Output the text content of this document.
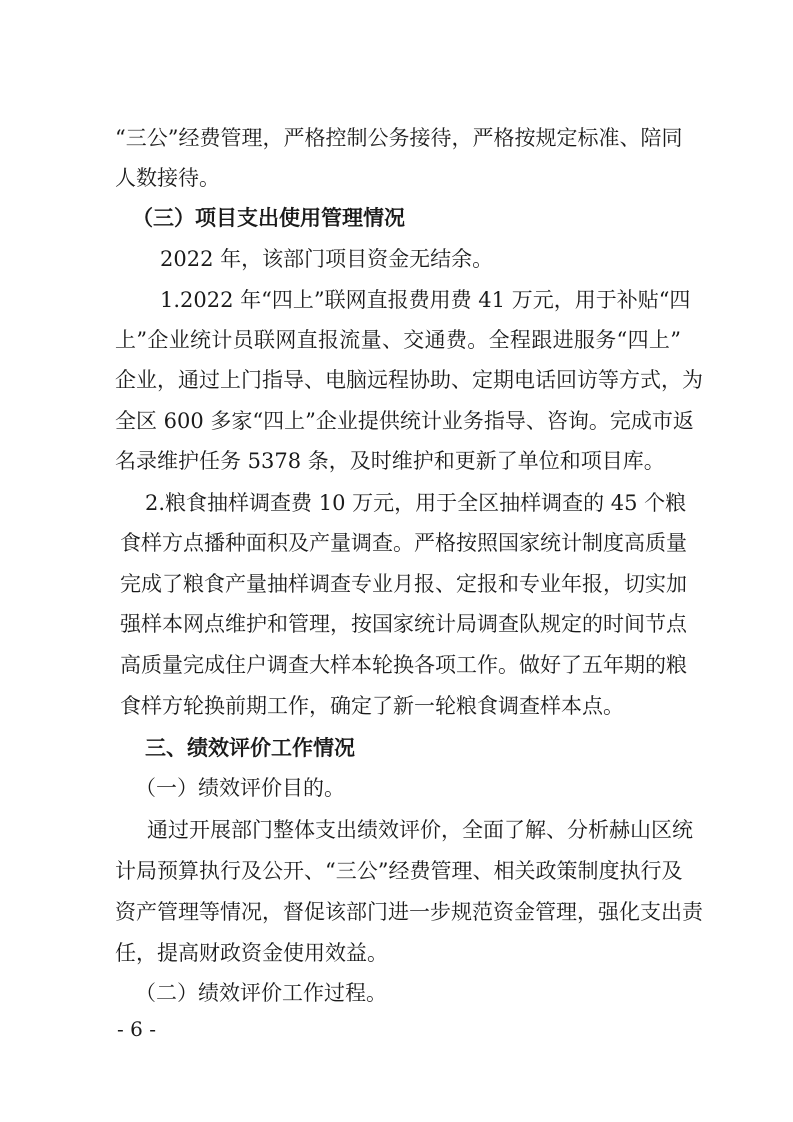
“三公”经费管理，严格控制公务接待，严格按规定标准、陪同
人数接待。
（三）项目支出使用管理情况
2022 年，该部门项目资金无结余。
1.2022 年“四上”联网直报费用费 41 万元，用于补贴“四
上”企业统计员联网直报流量、交通费。全程跟进服务“四上”
企业，通过上门指导、电脑远程协助、定期电话回访等方式，为
全区 600 多家“四上”企业提供统计业务指导、咨询。完成市返
名录维护任务 5378 条，及时维护和更新了单位和项目库。
2.粮食抽样调查费 10 万元，用于全区抽样调查的 45 个粮
食样方点播种面积及产量调查。严格按照国家统计制度高质量
完成了粮食产量抽样调查专业月报、定报和专业年报，切实加
强样本网点维护和管理，按国家统计局调查队规定的时间节点
高质量完成住户调查大样本轮换各项工作。做好了五年期的粮
食样方轮换前期工作，确定了新一轮粮食调查样本点。
三、绩效评价工作情况
（一）绩效评价目的。
通过开展部门整体支出绩效评价，全面了解、分析赫山区统
计局预算执行及公开、“三公”经费管理、相关政策制度执行及
资产管理等情况，督促该部门进一步规范资金管理，强化支出责
任，提高财政资金使用效益。
（二）绩效评价工作过程。
- 6 -
